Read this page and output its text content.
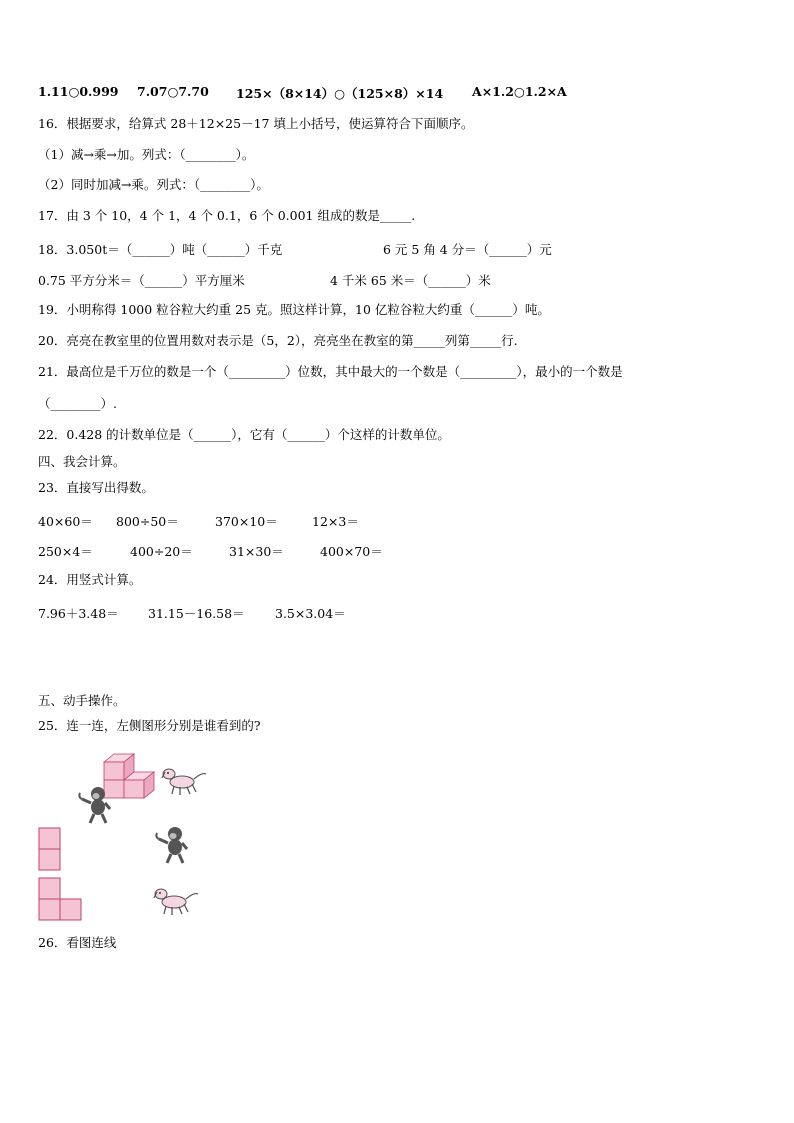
1.11○0.999 7.07○7.70 125×（8×14）○（125×8）×14 A×1.2○1.2×A
16．根据要求，给算式 28＋12×25－17 填上小括号，使运算符合下面顺序。
（1）减→乘→加。列式：（________）。
（2）同时加减→乘。列式：（________）。
17．由 3 个 10，4 个 1，4 个 0.1，6 个 0.001 组成的数是_____.
18．3.050t＝（______）吨（______）千克	6 元 5 角 4 分＝（______）元
0.75 平方分米＝（______）平方厘米	4 千米 65 米＝（______）米
19．小明称得 1000 粒谷粒大约重 25 克。照这样计算，10 亿粒谷粒大约重（______）吨。
20．亮亮在教室里的位置用数对表示是（5，2），亮亮坐在教室的第_____列第_____行.
21．最高位是千万位的数是一个（_________）位数，其中最大的一个数是（_________），最小的一个数是
（________）.
22．0.428 的计数单位是（______），它有（______）个这样的计数单位。
四、我会计算。
23．直接写出得数。
40×60＝ 800÷50＝	370×10＝	12×3＝
250×4＝	400÷20＝	31×30＝	400×70＝
24．用竖式计算。
7.96＋3.48＝ 31.15－16.58＝ 3.5×3.04＝
五、动手操作。
25．连一连，左侧图形分别是谁看到的?
26．看图连线
